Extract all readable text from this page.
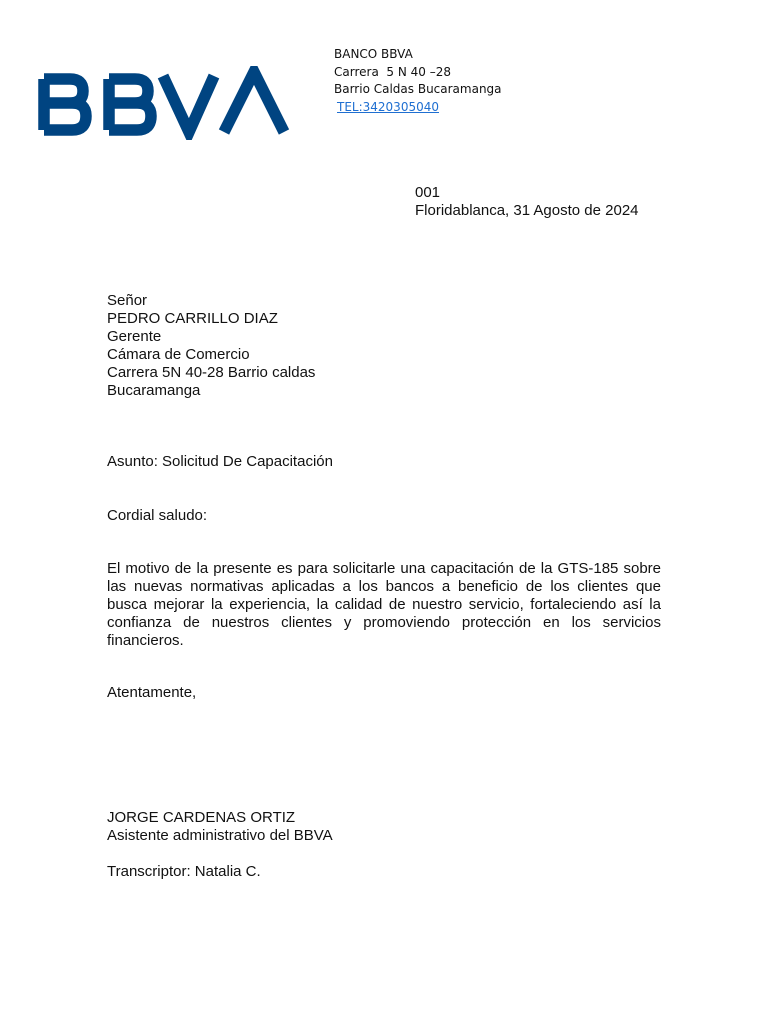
BANCO BBVA
Carrera  5 N 40 –28
Barrio Caldas Bucaramanga
TEL:3420305040
001
Floridablanca, 31 Agosto de 2024
Señor
PEDRO CARRILLO DIAZ
Gerente
Cámara de Comercio
Carrera 5N 40-28 Barrio caldas
Bucaramanga
Asunto: Solicitud De Capacitación
Cordial saludo:
El motivo de la presente es para solicitarle una capacitación de la GTS-185 sobre las nuevas normativas aplicadas a los bancos a beneficio de los clientes que busca mejorar la experiencia, la calidad de nuestro servicio, fortaleciendo así la confianza de nuestros clientes y promoviendo protección en los servicios financieros.
Atentamente,
JORGE CARDENAS ORTIZ
Asistente administrativo del BBVA
Transcriptor: Natalia C.
